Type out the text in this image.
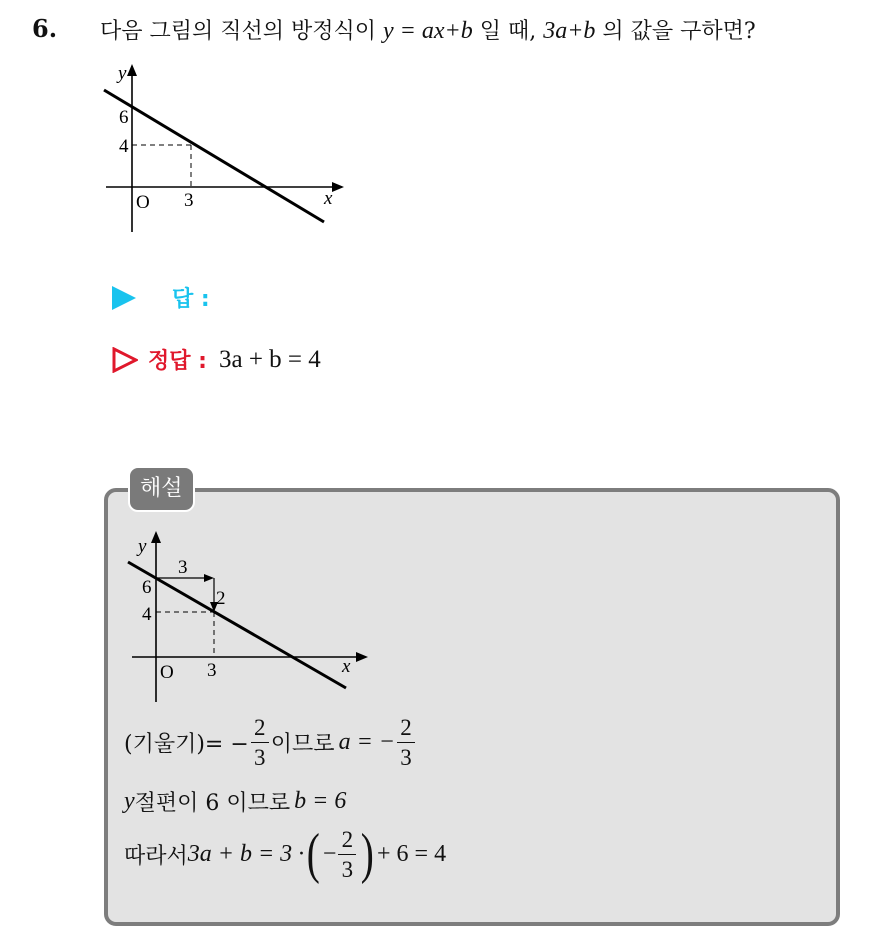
6. 다음 그림의 직선의 방정식이 y = ax+b 일 때, 3a+b 의 값을 구하면?
y
x
O
6
4
3
답 :
정답 : 3a + b = 4
해설
y
x
O
6
4
3
3
2
(기울기)= − $\frac{2}{3}$ 이므로 a = − $\frac{2}{3}$
y 절편이 6 이므로 b = 6
따라서 3a + b = 3 · ( − $\frac{2}{3}$ ) + 6 = 4
